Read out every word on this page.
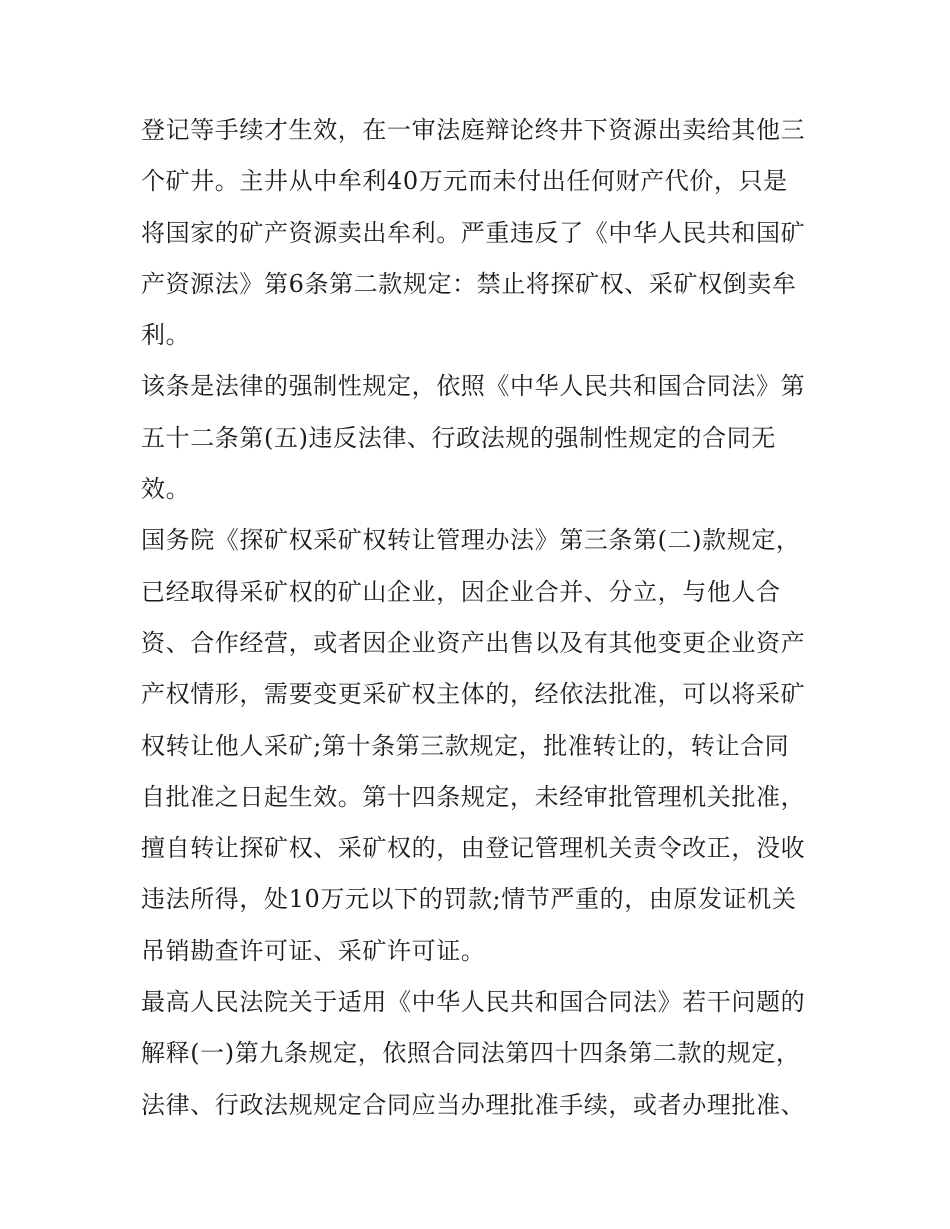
登记等手续才生效，在一审法庭辩论终井下资源出卖给其他三
个矿井。主井从中牟利40万元而未付出任何财产代价，只是
将国家的矿产资源卖出牟利。严重违反了《中华人民共和国矿
产资源法》第6条第二款规定：禁止将探矿权、采矿权倒卖牟
利。
该条是法律的强制性规定，依照《中华人民共和国合同法》第
五十二条第(五)违反法律、行政法规的强制性规定的合同无
效。
国务院《探矿权采矿权转让管理办法》第三条第(二)款规定，
已经取得采矿权的矿山企业，因企业合并、分立，与他人合
资、合作经营，或者因企业资产出售以及有其他变更企业资产
产权情形，需要变更采矿权主体的，经依法批准，可以将采矿
权转让他人采矿;第十条第三款规定，批准转让的，转让合同
自批准之日起生效。第十四条规定，未经审批管理机关批准，
擅自转让探矿权、采矿权的，由登记管理机关责令改正，没收
违法所得，处10万元以下的罚款;情节严重的，由原发证机关
吊销勘查许可证、采矿许可证。
最高人民法院关于适用《中华人民共和国合同法》若干问题的
解释(一)第九条规定，依照合同法第四十四条第二款的规定，
法律、行政法规规定合同应当办理批准手续，或者办理批准、
